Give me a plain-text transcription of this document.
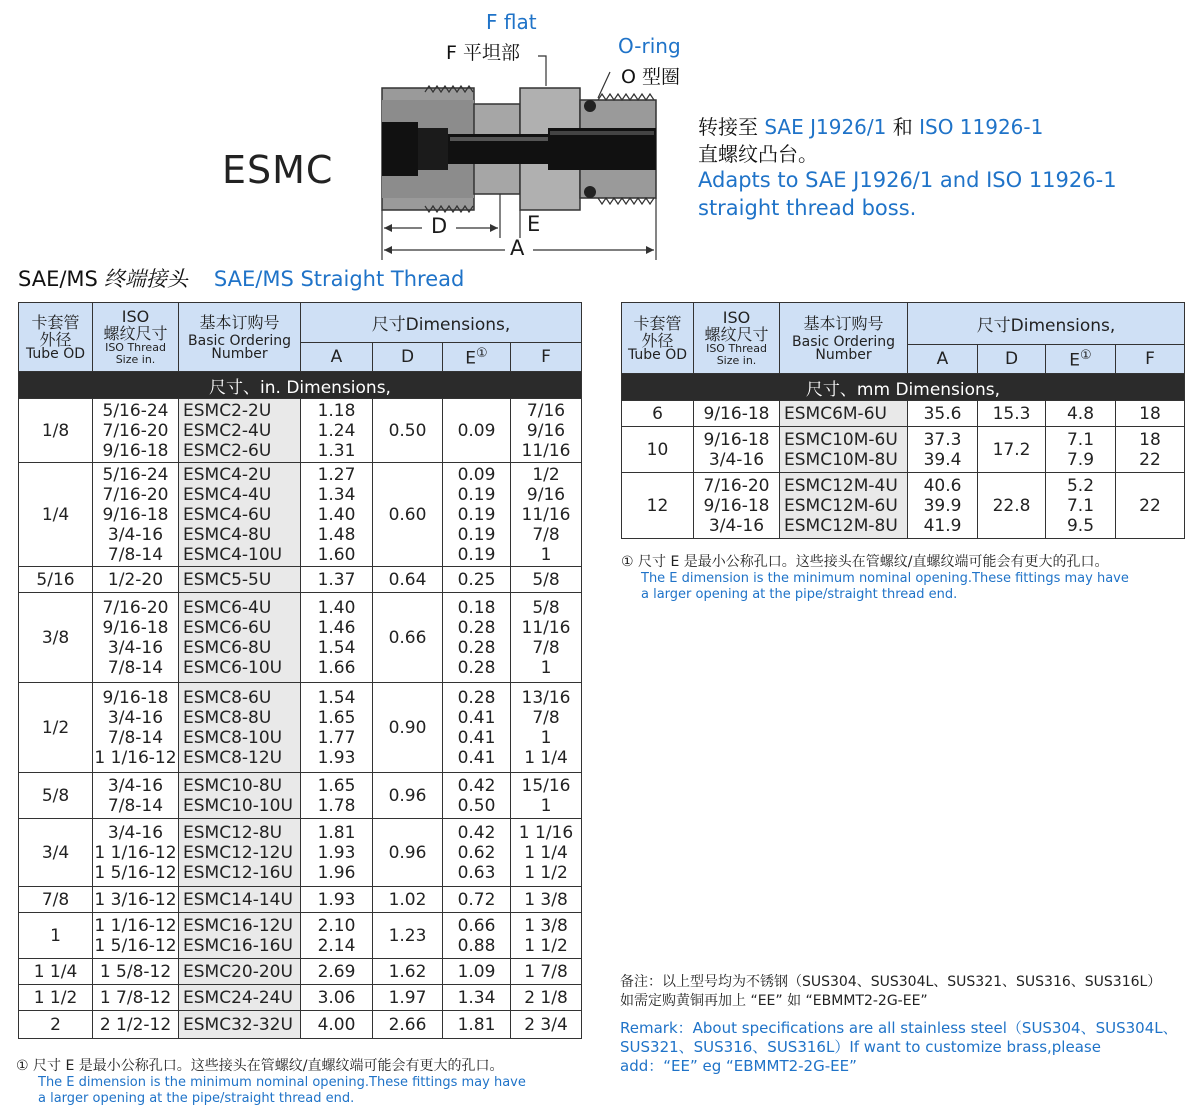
F flat
F 平坦部	O-ring
O 型圈
D	E
A
ESMC
转接至 SAE J1926/1 和 ISO 11926-1
直螺纹凸台。
Adapts to SAE J1926/1 and ISO 11926-1
straight thread boss.
SAE/MS 终端接头 SAE/MS Straight Thread
卡套管
外径
Tube OD	ISO
螺纹尺寸
ISO Thread
Size in.	基本订购号
Basic Ordering
Number	尺寸Dimensions,			
			A	D	E①	F
尺寸、in. Dimensions,						
1/8	5/16-24
7/16-20
9/16-18	ESMC2-2U
ESMC2-4U
ESMC2-6U	1.18
1.24
1.31	0.50	0.09	7/16
9/16
11/16

1/4	5/16-24
7/16-20
9/16-18
3/4-16
7/8-14	ESMC4-2U
ESMC4-4U
ESMC4-6U
ESMC4-8U
ESMC4-10U	1.27
1.34
1.40
1.48
1.60	0.60	0.09
0.19
0.19
0.19
0.19	1/2
9/16
11/16
7/8
1

5/16	1/2-20	ESMC5-5U	1.37	0.64	0.25	5/8

3/8	7/16-20
9/16-18
3/4-16
7/8-14	ESMC6-4U
ESMC6-6U
ESMC6-8U
ESMC6-10U	1.40
1.46
1.54
1.66	0.66	0.18
0.28
0.28
0.28	5/8
11/16
7/8
1

1/2	9/16-18
3/4-16
7/8-14
1 1/16-12	ESMC8-6U
ESMC8-8U
ESMC8-10U
ESMC8-12U	1.54
1.65
1.77
1.93	0.90	0.28
0.41
0.41
0.41	13/16
7/8
1
1 1/4

5/8	3/4-16
7/8-14	ESMC10-8U
ESMC10-10U	1.65
1.78	0.96	0.42
0.50	15/16
1

3/4	3/4-16
1 1/16-12
1 5/16-12	ESMC12-8U
ESMC12-12U
ESMC12-16U	1.81
1.93
1.96	0.96	0.42
0.62
0.63	1 1/16
1 1/4
1 1/2

7/8	1 3/16-12	ESMC14-14U	1.93	1.02	0.72	1 3/8

1	1 1/16-12
1 5/16-12	ESMC16-12U
ESMC16-16U	2.10
2.14	1.23	0.66
0.88	1 3/8
1 1/2

1 1/4	1 5/8-12	ESMC20-20U	2.69	1.62	1.09	1 7/8

1 1/2	1 7/8-12	ESMC24-24U	3.06	1.97	1.34	2 1/8

2	2 1/2-12	ESMC32-32U	4.00	2.66	1.81	2 3/4
卡套管
外径
Tube OD	ISO
螺纹尺寸
ISO Thread
Size in.	基本订购号
Basic Ordering
Number	尺寸Dimensions,			
			A	D	E①	F
尺寸、mm Dimensions,						
6	9/16-18	ESMC6M-6U	35.6	15.3	4.8	18

10	9/16-18
3/4-16	ESMC10M-6U
ESMC10M-8U	37.3
39.4	17.2	7.1
7.9	18
22

12	7/16-20
9/16-18
3/4-16	ESMC12M-4U
ESMC12M-6U
ESMC12M-8U	40.6
39.9
41.9	22.8	5.2
7.1
9.5	22
① 尺寸 E 是最小公称孔口。这些接头在管螺纹/直螺纹端可能会有更大的孔口。
The E dimension is the minimum nominal opening.These fittings may have
a larger opening at the pipe/straight thread end.
备注：以上型号均为不锈钢（SUS304、SUS304L、SUS321、SUS316、SUS316L）
如需定购黄铜再加上 “EE” 如 “EBMMT2-2G-EE”
Remark：About specifications are all stainless steel（SUS304、SUS304L、
SUS321、SUS316、SUS316L）If want to customize brass,please
add：“EE” eg “EBMMT2-2G-EE”
① 尺寸 E 是最小公称孔口。这些接头在管螺纹/直螺纹端可能会有更大的孔口。
The E dimension is the minimum nominal opening.These fittings may have
a larger opening at the pipe/straight thread end.
